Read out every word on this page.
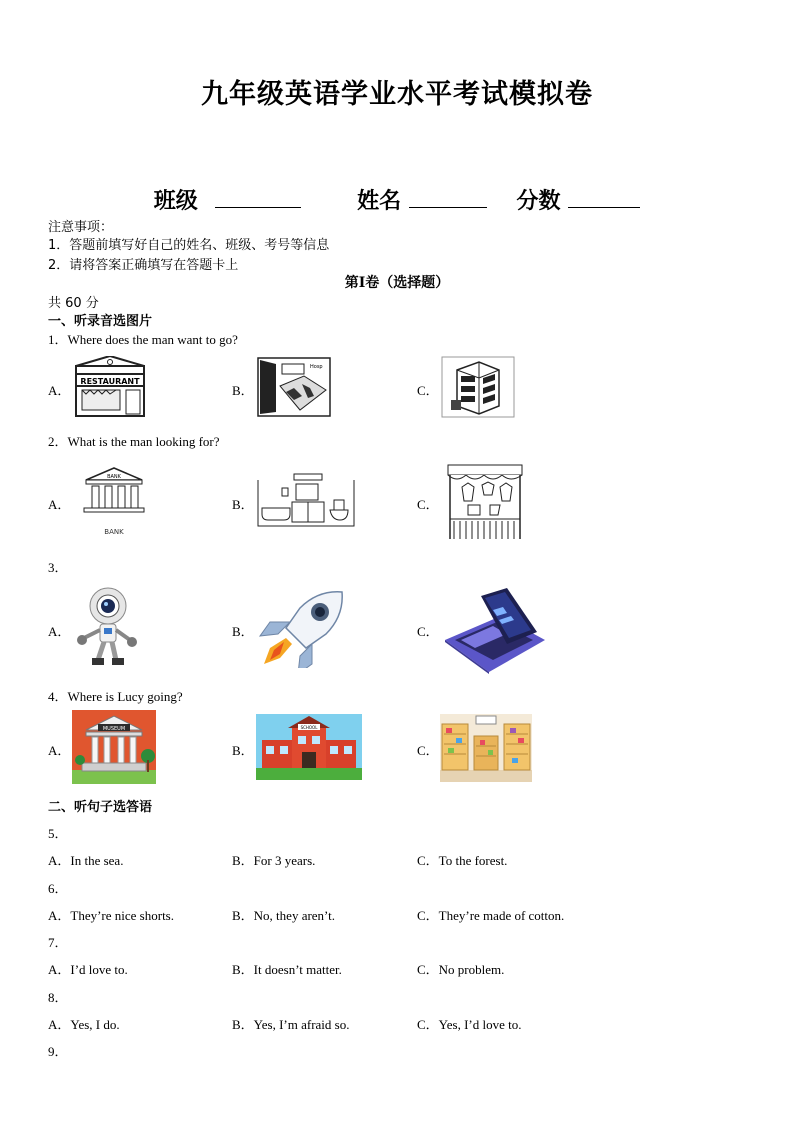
九年级英语学业水平考试模拟卷
班级	姓名	分数
注意事项：
1．答题前填写好自己的姓名、班级、考号等信息
2．请将答案正确填写在答题卡上
第I卷（选择题）
共 60 分
一、听录音选图片
1．Where does the man want to go?
A．
RESTAURANT
B．
Hosp
C．
2．What is the man looking for?
A．
BANK
BANK
B．	C．
3．
A．	B．	C．
4．Where is Lucy going?
A．
MUSEUM
B．
SCHOOL
C．
二、听句子选答语
5．
A．In the sea.	B．For 3 years.	C．To the forest.
6．
A．They’re nice shorts.	B．No, they aren’t.	C．They’re made of cotton.
7．
A．I’d love to.	B．It doesn’t matter.	C．No problem.
8．
A．Yes, I do.	B．Yes, I’m afraid so.	C．Yes, I’d love to.
9．
